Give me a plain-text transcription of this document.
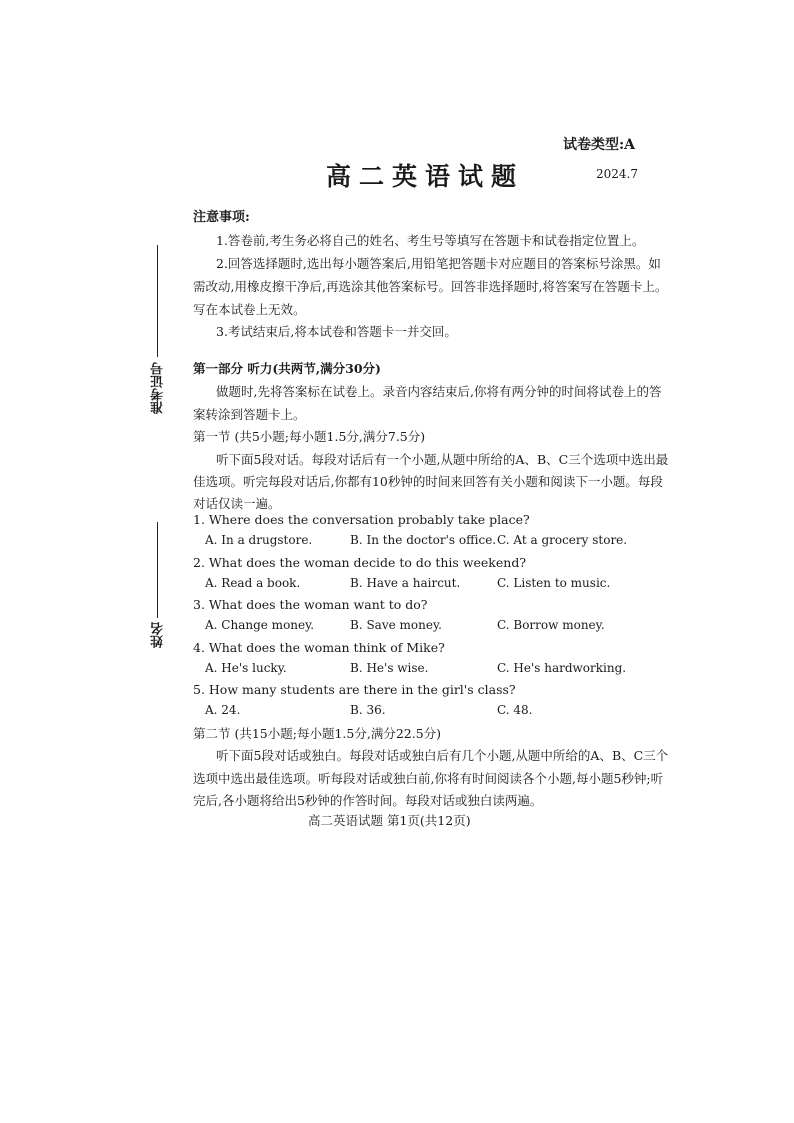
试卷类型:A
高二英语试题	2024.7
准考证号
姓名
注意事项:
1.答卷前,考生务必将自己的姓名、考生号等填写在答题卡和试卷指定位置上。
2.回答选择题时,选出每小题答案后,用铅笔把答题卡对应题目的答案标号涂黑。如
需改动,用橡皮擦干净后,再选涂其他答案标号。回答非选择题时,将答案写在答题卡上。
写在本试卷上无效。
3.考试结束后,将本试卷和答题卡一并交回。
第一部分 听力(共两节,满分30分)
做题时,先将答案标在试卷上。录音内容结束后,你将有两分钟的时间将试卷上的答
案转涂到答题卡上。
第一节 (共5小题;每小题1.5分,满分7.5分)
听下面5段对话。每段对话后有一个小题,从题中所给的A、B、C三个选项中选出最
佳选项。听完每段对话后,你都有10秒钟的时间来回答有关小题和阅读下一小题。每段
对话仅读一遍。
1. Where does the conversation probably take place?
A. In a drugstore.	B. In the doctor's office. C. At a grocery store.
2. What does the woman decide to do this weekend?
A. Read a book.	B. Have a haircut.	C. Listen to music.
3. What does the woman want to do?
A. Change money.	B. Save money.	C. Borrow money.
4. What does the woman think of Mike?
A. He's lucky.	B. He's wise.	C. He's hardworking.
5. How many students are there in the girl's class?
A. 24.	B. 36.	C. 48.
第二节 (共15小题;每小题1.5分,满分22.5分)
听下面5段对话或独白。每段对话或独白后有几个小题,从题中所给的A、B、C三个
选项中选出最佳选项。听每段对话或独白前,你将有时间阅读各个小题,每小题5秒钟;听
完后,各小题将给出5秒钟的作答时间。每段对话或独白读两遍。
高二英语试题 第1页(共12页)
